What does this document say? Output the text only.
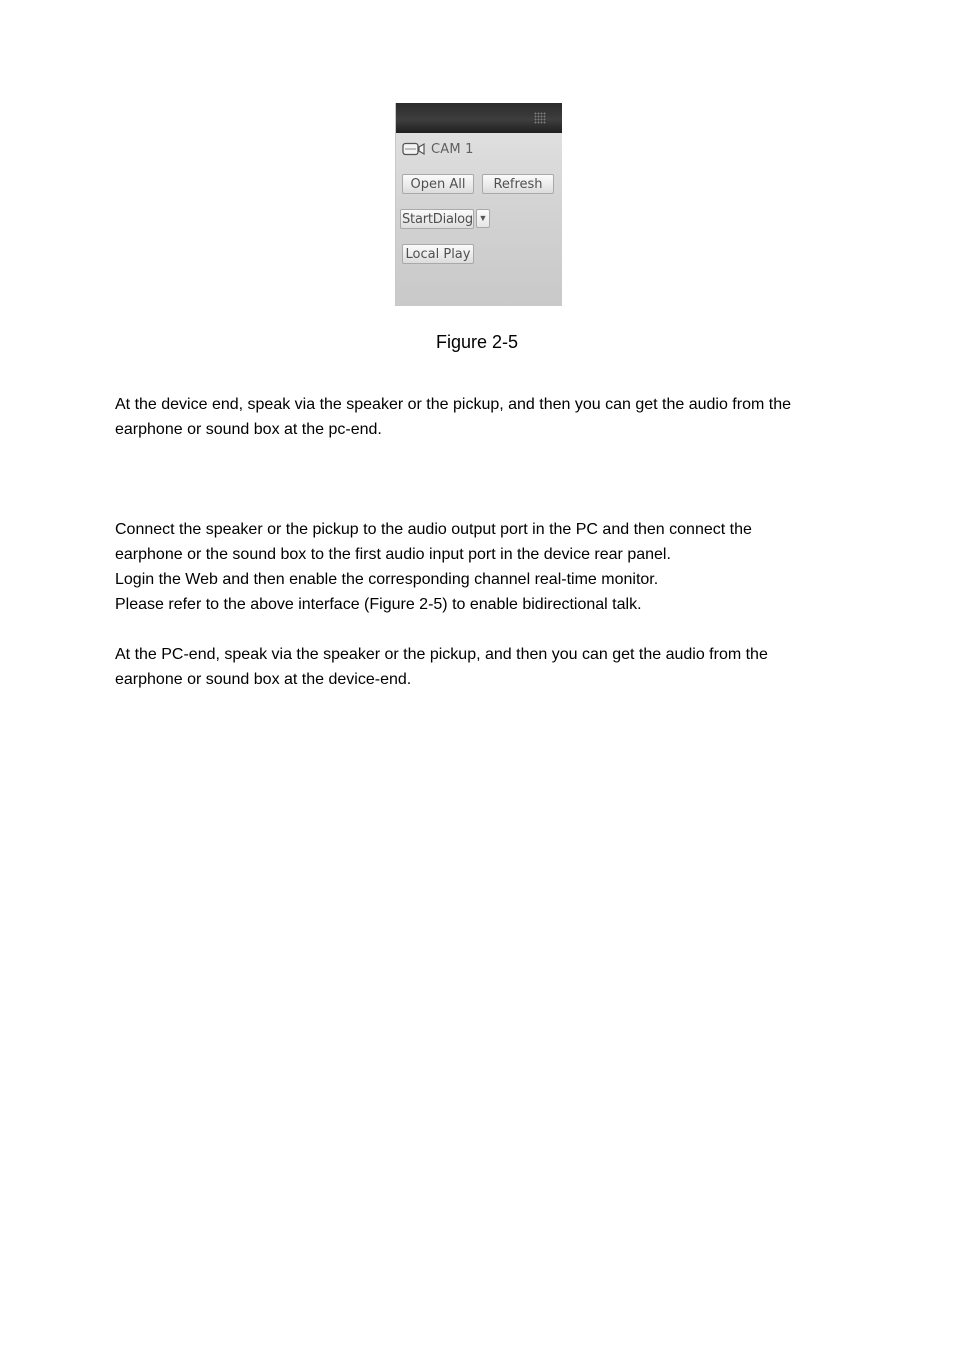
CAM 1
Open All	Refresh
StartDialog ▼
Local Play
Figure 2-5

At the device end, speak via the speaker or the pickup, and then you can get the audio from the
earphone or sound box at the pc-end.

Connect the speaker or the pickup to the audio output port in the PC and then connect the
earphone or the sound box to the first audio input port in the device rear panel.
Login the Web and then enable the corresponding channel real-time monitor.
Please refer to the above interface (Figure 2-5) to enable bidirectional talk.

At the PC-end, speak via the speaker or the pickup, and then you can get the audio from the
earphone or sound box at the device-end.
